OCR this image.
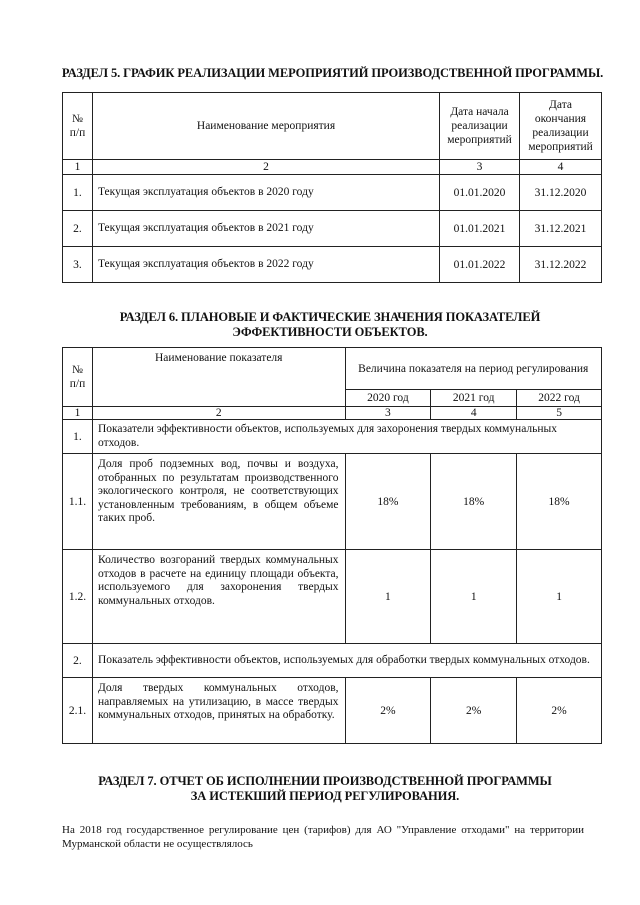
РАЗДЕЛ 5. ГРАФИК РЕАЛИЗАЦИИ МЕРОПРИЯТИЙ ПРОИЗВОДСТВЕННОЙ ПРОГРАММЫ.
№ п/п	Наименование мероприятия	Дата начала реализации мероприятий	Дата окончания реализации мероприятий
1	2	3	4
1.	Текущая эксплуатация объектов в 2020 году	01.01.2020	31.12.2020
2.	Текущая эксплуатация объектов в 2021 году	01.01.2021	31.12.2021
3.	Текущая эксплуатация объектов в 2022 году	01.01.2022	31.12.2022
РАЗДЕЛ 6. ПЛАНОВЫЕ И ФАКТИЧЕСКИЕ ЗНАЧЕНИЯ ПОКАЗАТЕЛЕЙ ЭФФЕКТИВНОСТИ ОБЪЕКТОВ.
№ п/п	Наименование показателя	Величина показателя на период регулирования		
		2020 год	2021 год	2022 год
1	2	3	4	5
1.	Показатели эффективности объектов, используемых для захоронения твердых коммунальных отходов.			
1.1.	Доля проб подземных вод, почвы и воздуха, отобранных по результатам производственного экологического контроля, не соответствующих установленным требованиям, в общем объеме таких проб.	18%	18%	18%
1.2.	Количество возгораний твердых коммунальных отходов в расчете на единицу площади объекта, используемого для захоронения твердых коммунальных отходов.	1	1	1
2.	Показатель эффективности объектов, используемых для обработки твердых коммунальных отходов.			
2.1.	Доля твердых коммунальных отходов, направляемых на утилизацию, в массе твердых коммунальных отходов, принятых на обработку.	2%	2%	2%
РАЗДЕЛ 7. ОТЧЕТ ОБ ИСПОЛНЕНИИ ПРОИЗВОДСТВЕННОЙ ПРОГРАММЫ ЗА ИСТЕКШИЙ ПЕРИОД РЕГУЛИРОВАНИЯ.
На 2018 год государственное регулирование цен (тарифов) для АО "Управление отходами" на территории Мурманской области не осуществлялось
